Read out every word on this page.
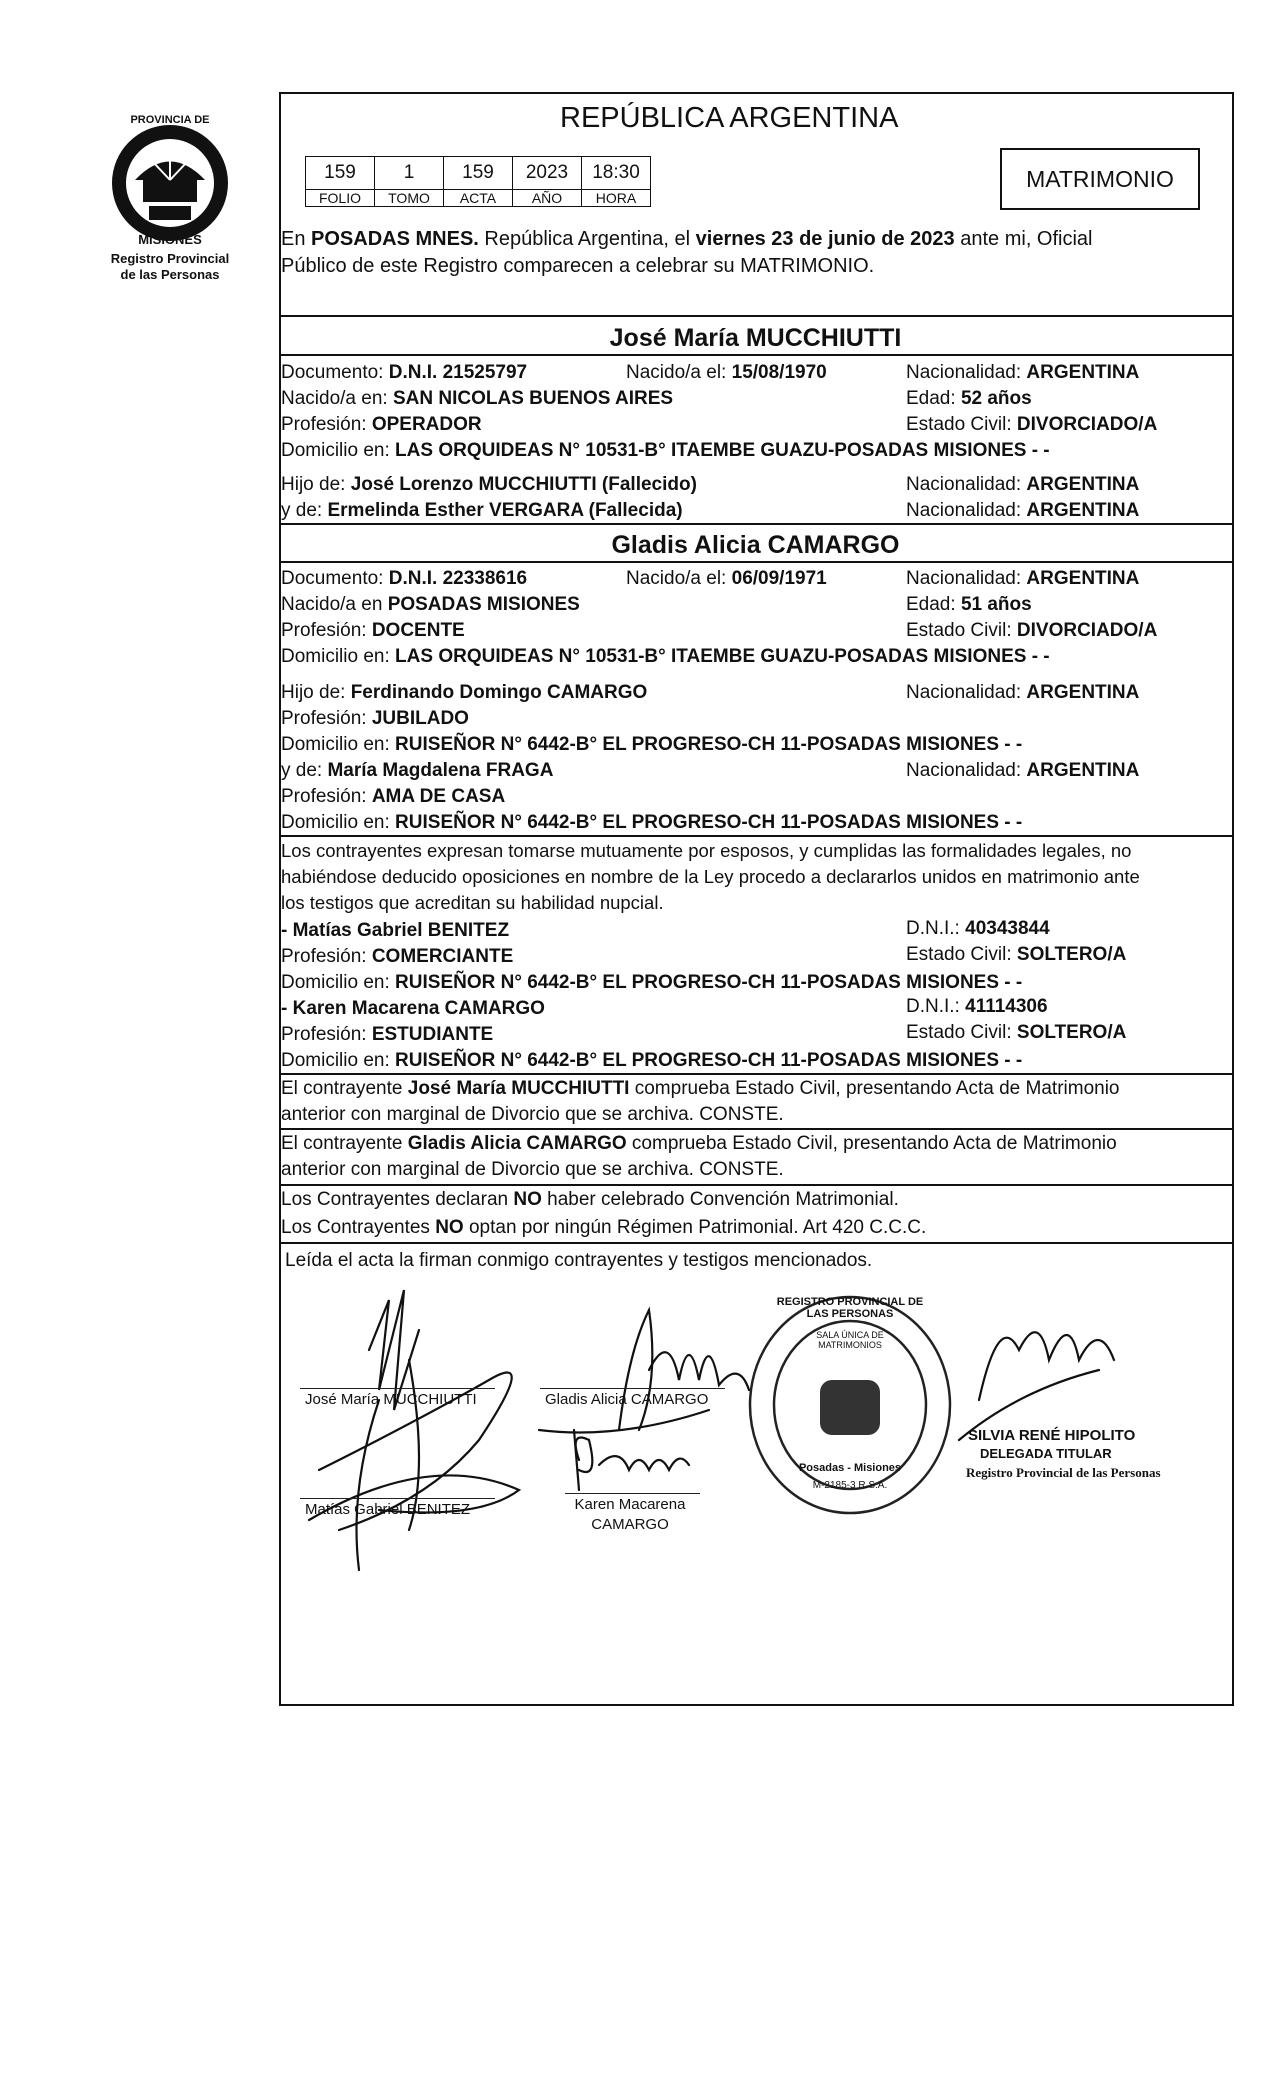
PROVINCIA DE
MISIONES
Registro Provincial
de las Personas
REPÚBLICA ARGENTINA
159	1	159	2023	18:30
FOLIO	TOMO	ACTA	AÑO	HORA
MATRIMONIO
En POSADAS MNES. República Argentina, el viernes 23 de junio de 2023 ante mi, Oficial
Público de este Registro comparecen a celebrar su MATRIMONIO.
José María MUCCHIUTTI
Documento: D.N.I. 21525797	Nacido/a el: 15/08/1970	Nacionalidad: ARGENTINA
Nacido/a en: SAN NICOLAS BUENOS AIRES	Edad: 52 años
Profesión: OPERADOR	Estado Civil: DIVORCIADO/A
Domicilio en: LAS ORQUIDEAS N° 10531-B° ITAEMBE GUAZU-POSADAS MISIONES - -
Hijo de: José Lorenzo MUCCHIUTTI (Fallecido)	Nacionalidad: ARGENTINA
y de: Ermelinda Esther VERGARA (Fallecida)	Nacionalidad: ARGENTINA
Gladis Alicia CAMARGO
Documento: D.N.I. 22338616	Nacido/a el: 06/09/1971	Nacionalidad: ARGENTINA
Nacido/a en POSADAS MISIONES	Edad: 51 años
Profesión: DOCENTE	Estado Civil: DIVORCIADO/A
Domicilio en: LAS ORQUIDEAS N° 10531-B° ITAEMBE GUAZU-POSADAS MISIONES - -
Hijo de: Ferdinando Domingo CAMARGO	Nacionalidad: ARGENTINA
Profesión: JUBILADO
Domicilio en: RUISEÑOR N° 6442-B° EL PROGRESO-CH 11-POSADAS MISIONES - -
y de: María Magdalena FRAGA	Nacionalidad: ARGENTINA
Profesión: AMA DE CASA
Domicilio en: RUISEÑOR N° 6442-B° EL PROGRESO-CH 11-POSADAS MISIONES - -
Los contrayentes expresan tomarse mutuamente por esposos, y cumplidas las formalidades legales, no
habiéndose deducido oposiciones en nombre de la Ley procedo a declararlos unidos en matrimonio ante
los testigos que acreditan su habilidad nupcial.
- Matías Gabriel BENITEZ	D.N.I.: 40343844
Profesión: COMERCIANTE	Estado Civil: SOLTERO/A
Domicilio en: RUISEÑOR N° 6442-B° EL PROGRESO-CH 11-POSADAS MISIONES - -
- Karen Macarena CAMARGO	D.N.I.: 41114306
Profesión: ESTUDIANTE	Estado Civil: SOLTERO/A
Domicilio en: RUISEÑOR N° 6442-B° EL PROGRESO-CH 11-POSADAS MISIONES - -
El contrayente José María MUCCHIUTTI comprueba Estado Civil, presentando Acta de Matrimonio
anterior con marginal de Divorcio que se archiva. CONSTE.
El contrayente Gladis Alicia CAMARGO comprueba Estado Civil, presentando Acta de Matrimonio
anterior con marginal de Divorcio que se archiva. CONSTE.
Los Contrayentes declaran NO haber celebrado Convención Matrimonial.
Los Contrayentes NO optan por ningún Régimen Patrimonial. Art 420 C.C.C.
Leída el acta la firman conmigo contrayentes y testigos mencionados.
REGISTRO PROVINCIAL DE LAS PERSONAS
SALA ÚNICA DE MATRIMONIOS
Posadas - Misiones
M-2185-3 R.S.A.
José María MUCCHIUTTI	Gladis Alicia CAMARGO
Matías Gabriel BENITEZ	Karen Macarena
CAMARGO
SILVIA RENÉ HIPOLITO
DELEGADA TITULAR
Registro Provincial de las Personas
